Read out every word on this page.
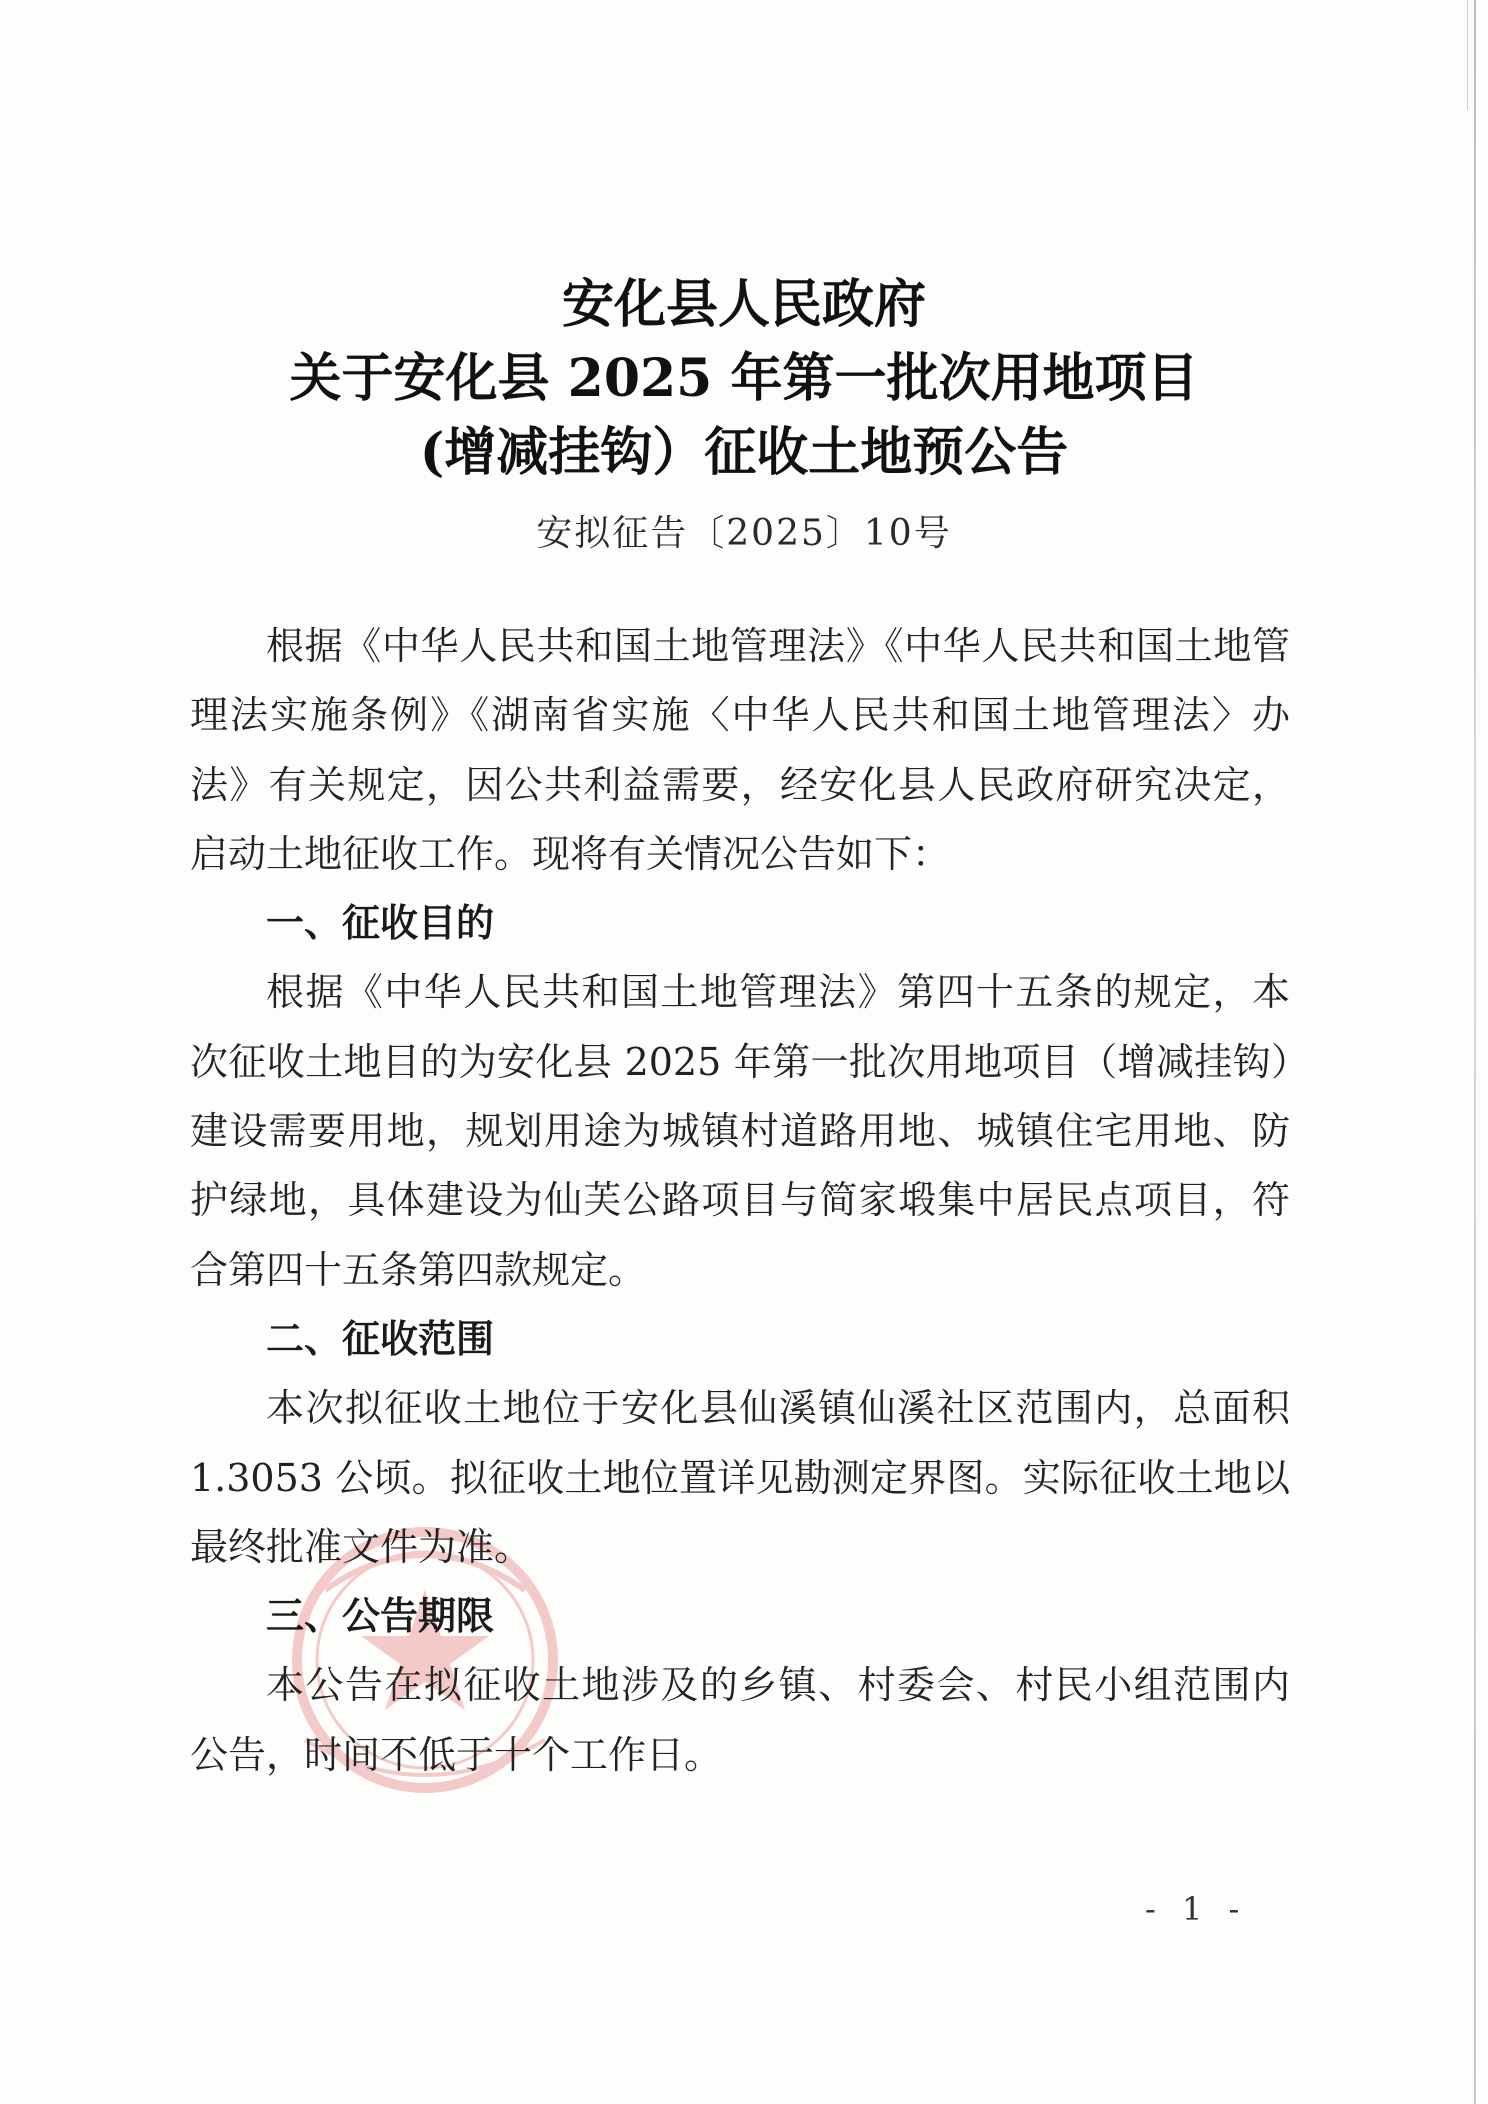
安化县人民政府
关于安化县 2025 年第一批次用地项目
(增减挂钩）征收土地预公告
安拟征告〔2025〕10号

根据《中华人民共和国土地管理法》《中华人民共和国土地管理法实施条例》《湖南省实施〈中华人民共和国土地管理法〉办法》有关规定，因公共利益需要，经安化县人民政府研究决定，启动土地征收工作。现将有关情况公告如下：

一、征收目的

根据《中华人民共和国土地管理法》第四十五条的规定，本次征收土地目的为安化县 2025 年第一批次用地项目（增减挂钩）建设需要用地，规划用途为城镇村道路用地、城镇住宅用地、防护绿地，具体建设为仙芙公路项目与简家塅集中居民点项目，符合第四十五条第四款规定。

二、征收范围

本次拟征收土地位于安化县仙溪镇仙溪社区范围内，总面积 1.3053 公顷。拟征收土地位置详见勘测定界图。实际征收土地以最终批准文件为准。

三、公告期限

本公告在拟征收土地涉及的乡镇、村委会、村民小组范围内公告，时间不低于十个工作日。

- 1 -
